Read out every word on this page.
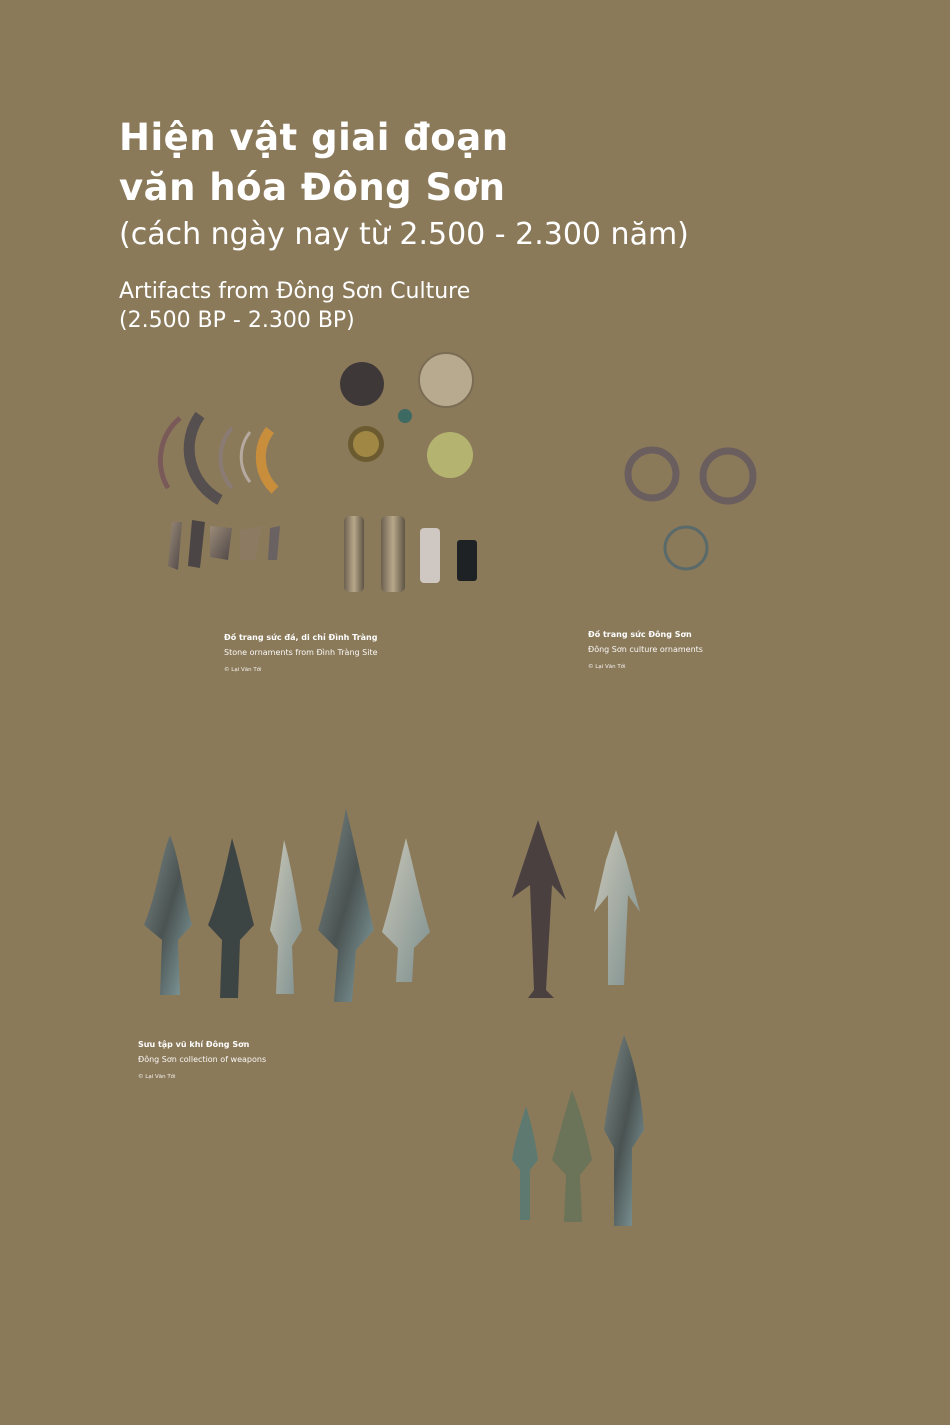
Hiện vật giai đoạn
văn hóa Đông Sơn
(cách ngày nay từ 2.500 - 2.300 năm)
Artifacts from Đông Sơn Culture
(2.500 BP - 2.300 BP)
Đồ trang sức đá, di chỉ Đình Tràng
Stone ornaments from Đình Tràng Site
© Lại Văn Tới
Đồ trang sức Đông Sơn
Đông Sơn culture ornaments
© Lại Văn Tới
Sưu tập vũ khí Đông Sơn
Đông Sơn collection of weapons
© Lại Văn Tới
